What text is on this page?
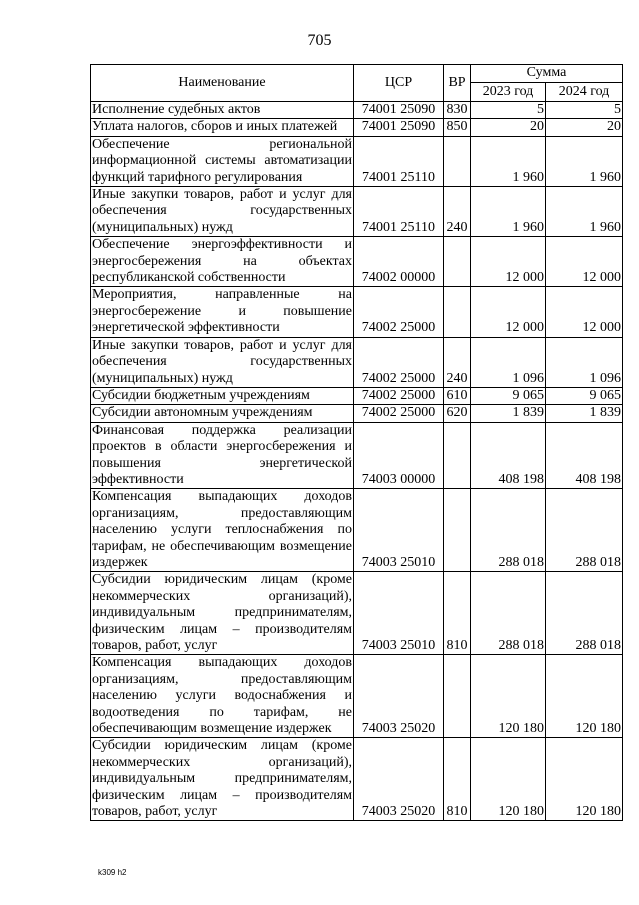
705
Наименование	ЦСР	ВР	Сумма	
			2023 год	2024 год
Исполнение судебных актов	74001 25090	830	5	5
Уплата налогов, сборов и иных платежей	74001 25090	850	20	20
Обеспечение региональной информационной системы автоматизации функций тарифного регулирования	74001 25110		1 960	1 960
Иные закупки товаров, работ и услуг для обеспечения государственных (муниципальных) нужд	74001 25110	240	1 960	1 960
Обеспечение энергоэффективности и энергосбережения на объектах республиканской собственности	74002 00000		12 000	12 000
Мероприятия, направленные на энергосбережение и повышение энергетической эффективности	74002 25000		12 000	12 000
Иные закупки товаров, работ и услуг для обеспечения государственных (муниципальных) нужд	74002 25000	240	1 096	1 096
Субсидии бюджетным учреждениям	74002 25000	610	9 065	9 065
Субсидии автономным учреждениям	74002 25000	620	1 839	1 839
Финансовая поддержка реализации проектов в области энергосбережения и повышения энергетической эффективности	74003 00000		408 198	408 198
Компенсация выпадающих доходов организациям, предоставляющим населению услуги теплоснабжения по тарифам, не обеспечивающим возмещение издержек	74003 25010		288 018	288 018
Субсидии юридическим лицам (кроме некоммерческих организаций), индивидуальным предпринимателям, физическим лицам – производителям товаров, работ, услуг	74003 25010	810	288 018	288 018
Компенсация выпадающих доходов организациям, предоставляющим населению услуги водоснабжения и водоотведения по тарифам, не обеспечивающим возмещение издержек	74003 25020		120 180	120 180
Субсидии юридическим лицам (кроме некоммерческих организаций), индивидуальным предпринимателям, физическим лицам – производителям товаров, работ, услуг	74003 25020	810	120 180	120 180
k309 h2
